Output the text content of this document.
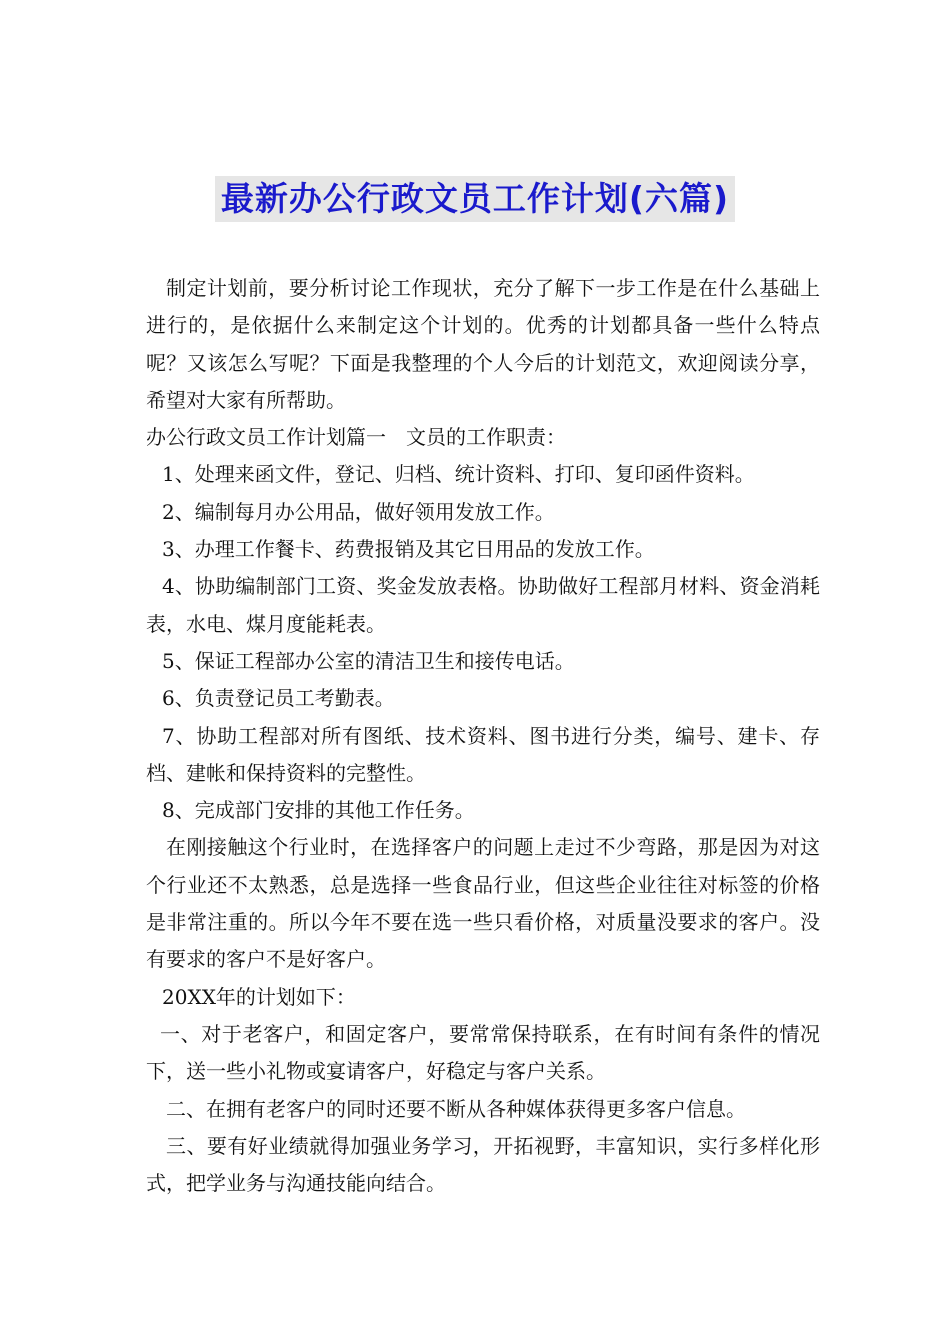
最新办公行政文员工作计划(六篇)

制定计划前，要分析讨论工作现状，充分了解下一步工作是在什么基础上进行的，是依据什么来制定这个计划的。优秀的计划都具备一些什么特点呢？又该怎么写呢？下面是我整理的个人今后的计划范文，欢迎阅读分享，希望对大家有所帮助。

办公行政文员工作计划篇一　文员的工作职责：

1、处理来函文件，登记、归档、统计资料、打印、复印函件资料。

2、编制每月办公用品，做好领用发放工作。

3、办理工作餐卡、药费报销及其它日用品的发放工作。

4、协助编制部门工资、奖金发放表格。协助做好工程部月材料、资金消耗表，水电、煤月度能耗表。

5、保证工程部办公室的清洁卫生和接传电话。

6、负责登记员工考勤表。

7、协助工程部对所有图纸、技术资料、图书进行分类，编号、建卡、存档、建帐和保持资料的完整性。

8、完成部门安排的其他工作任务。

在刚接触这个行业时，在选择客户的问题上走过不少弯路，那是因为对这个行业还不太熟悉，总是选择一些食品行业，但这些企业往往对标签的价格是非常注重的。所以今年不要在选一些只看价格，对质量没要求的客户。没有要求的客户不是好客户。

20XX年的计划如下：

一、对于老客户，和固定客户，要常常保持联系，在有时间有条件的情况下，送一些小礼物或宴请客户，好稳定与客户关系。

二、在拥有老客户的同时还要不断从各种媒体获得更多客户信息。

三、要有好业绩就得加强业务学习，开拓视野，丰富知识，实行多样化形式，把学业务与沟通技能向结合。
